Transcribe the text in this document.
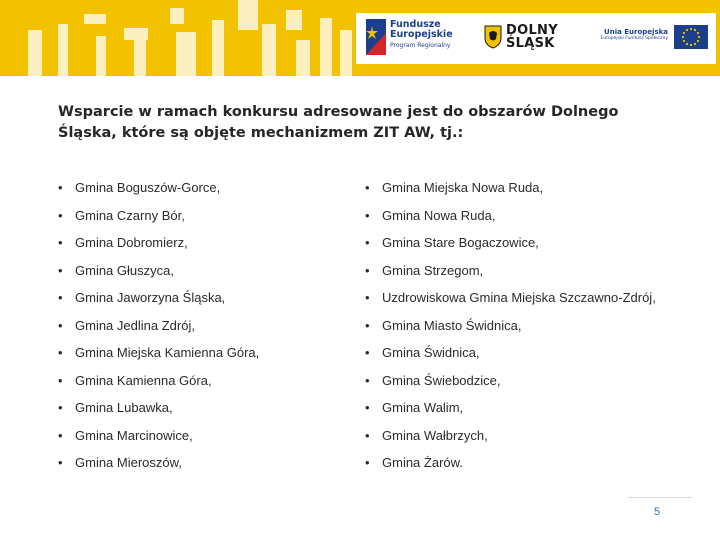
Fundusze
Europejskie
Program Regionalny
DOLNY
ŚLĄSK
Unia Europejska
Europejski Fundusz Społeczny
Wsparcie w ramach konkursu adresowane jest do obszarów Dolnego Śląska, które są objęte mechanizmem ZIT AW, tj.:
• Gmina Boguszów-Gorce,
• Gmina Czarny Bór,
• Gmina Dobromierz,
• Gmina Głuszyca,
• Gmina Jaworzyna Śląska,
• Gmina Jedlina Zdrój,
• Gmina Miejska Kamienna Góra,
• Gmina Kamienna Góra,
• Gmina Lubawka,
• Gmina Marcinowice,
• Gmina Mieroszów,
• Gmina Miejska Nowa Ruda,
• Gmina Nowa Ruda,
• Gmina Stare Bogaczowice,
• Gmina Strzegom,
• Uzdrowiskowa Gmina Miejska Szczawno-Zdrój,
• Gmina Miasto Świdnica,
• Gmina Świdnica,
• Gmina Świebodzice,
• Gmina Walim,
• Gmina Wałbrzych,
• Gmina Żarów.
5
